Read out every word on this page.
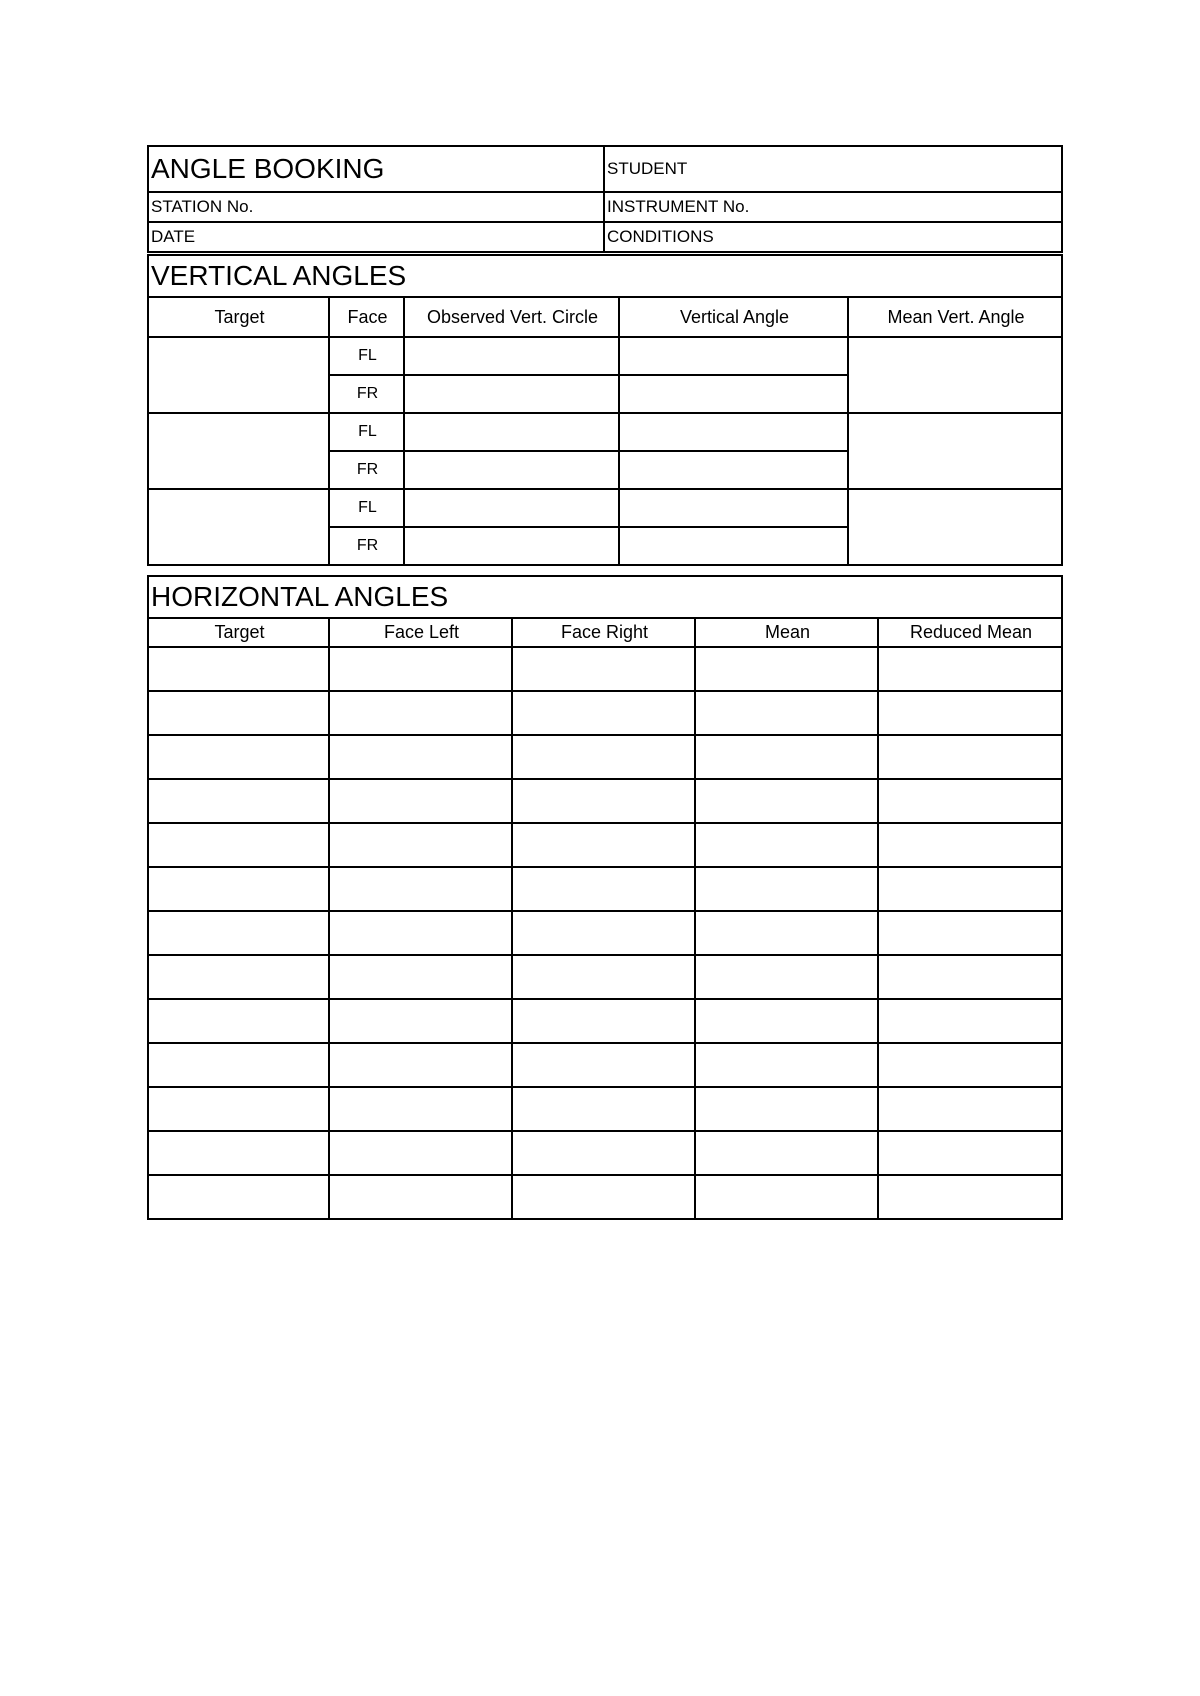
ANGLE BOOKING	STUDENT
STATION No.	INSTRUMENT No.
DATE	CONDITIONS
VERTICAL ANGLES				
Target	Face	Observed Vert. Circle	Vertical Angle	Mean Vert. Angle
	FL			
	FR			
	FL			
	FR			
	FL			
	FR			
HORIZONTAL ANGLES				
Target	Face Left	Face Right	Mean	Reduced Mean
